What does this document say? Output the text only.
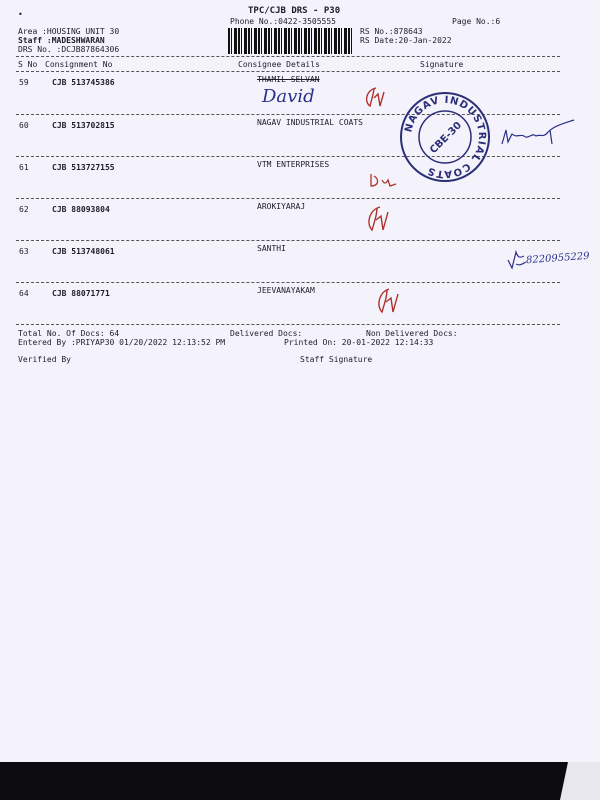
•	TPC/CJB DRS - P30
Phone No.:0422-3505555	Page No.:6
Area :HOUSING UNIT 30
Staff :MADESHWARAN
DRS No. :DCJB87864306
RS No.:878643
RS Date:20-Jan-2022
S No Consignment No	Consignee Details	Signature
59	CJB 513745386	THAMIL SELVAN
60	CJB 513702815	NAGAV INDUSTRIAL COATS
61	CJB 513727155	VTM ENTERPRISES
62	CJB 88093804	AROKIYARAJ
63	CJB 513748061	SANTHI
64	CJB 88071771	JEEVANAYAKAM
Total No. Of Docs: 64	Delivered Docs:	Non Delivered Docs:
Entered By :PRIYAP30 01/20/2022 12:13:52 PM	Printed On: 20-01-2022 12:14:33
Verified By	Staff Signature
David
8220955229
NAGAV INDUSTRIAL COATS
CBE-30
